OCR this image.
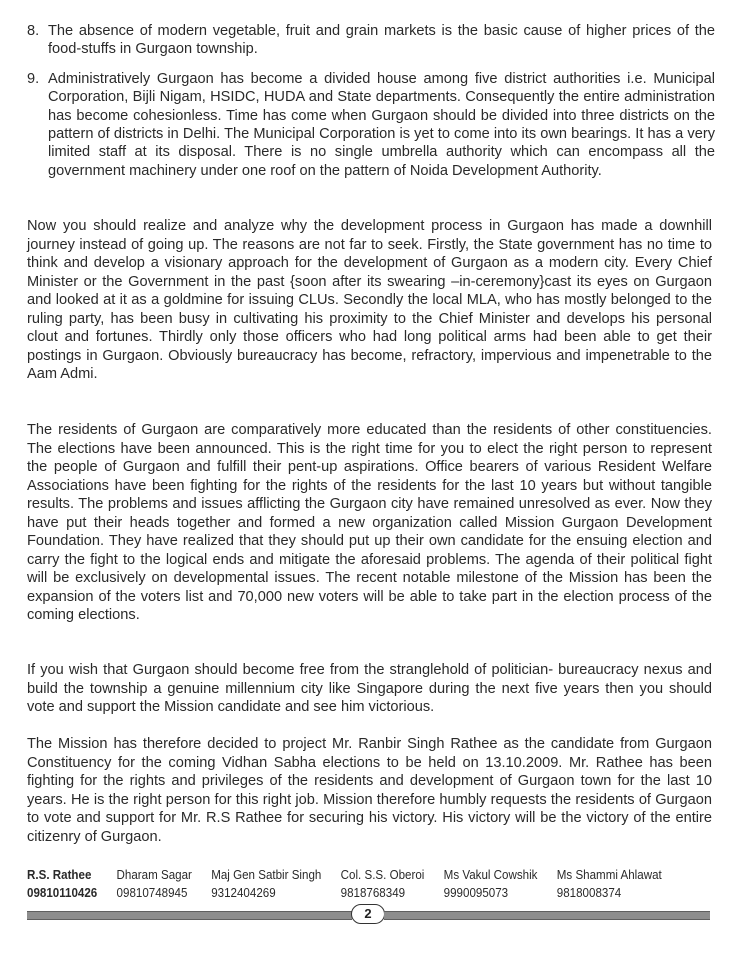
8. The absence of modern vegetable, fruit and grain markets is the basic cause of higher prices of the food-stuffs in Gurgaon township.
9. Administratively Gurgaon has become a divided house among five district authorities i.e. Municipal Corporation, Bijli Nigam, HSIDC, HUDA and State departments. Consequently the entire administration has become cohesionless. Time has come when Gurgaon should be divided into three districts on the pattern of districts in Delhi. The Municipal Corporation is yet to come into its own bearings. It has a very limited staff at its disposal. There is no single umbrella authority which can encompass all the government machinery under one roof on the pattern of Noida Development Authority.

Now you should realize and analyze why the development process in Gurgaon has made a downhill journey instead of going up. The reasons are not far to seek. Firstly, the State government has no time to think and develop a visionary approach for the development of Gurgaon as a modern city. Every Chief Minister or the Government in the past {soon after its swearing –in-ceremony}cast its eyes on Gurgaon and looked at it as a goldmine for issuing CLUs. Secondly the local MLA, who has mostly belonged to the ruling party, has been busy in cultivating his proximity to the Chief Minister and develops his personal clout and fortunes. Thirdly only those officers who had long political arms had been able to get their postings in Gurgaon. Obviously bureaucracy has become, refractory, impervious and impenetrable to the Aam Admi.

The residents of Gurgaon are comparatively more educated than the residents of other constituencies. The elections have been announced. This is the right time for you to elect the right person to represent the people of Gurgaon and fulfill their pent-up aspirations. Office bearers of various Resident Welfare Associations have been fighting for the rights of the residents for the last 10 years but without tangible results. The problems and issues afflicting the Gurgaon city have remained unresolved as ever. Now they have put their heads together and formed a new organization called Mission Gurgaon Development Foundation. They have realized that they should put up their own candidate for the ensuing election and carry the fight to the logical ends and mitigate the aforesaid problems. The agenda of their political fight will be exclusively on developmental issues. The recent notable milestone of the Mission has been the expansion of the voters list and 70,000 new voters will be able to take part in the election process of the coming elections.

If you wish that Gurgaon should become free from the stranglehold of politician- bureaucracy nexus and build the township a genuine millennium city like Singapore during the next five years then you should vote and support the Mission candidate and see him victorious.

The Mission has therefore decided to project Mr. Ranbir Singh Rathee as the candidate from Gurgaon Constituency for the coming Vidhan Sabha elections to be held on 13.10.2009. Mr. Rathee has been fighting for the rights and privileges of the residents and development of Gurgaon town for the last 10 years. He is the right person for this right job. Mission therefore humbly requests the residents of Gurgaon to vote and support for Mr. R.S Rathee for securing his victory. His victory will be the victory of the entire citizenry of Gurgaon.

R.S. Rathee
09810110426
Dharam Sagar
09810748945
Maj Gen Satbir Singh
9312404269
Col. S.S. Oberoi
9818768349
Ms Vakul Cowshik
9990095073
Ms Shammi Ahlawat
9818008374
2
